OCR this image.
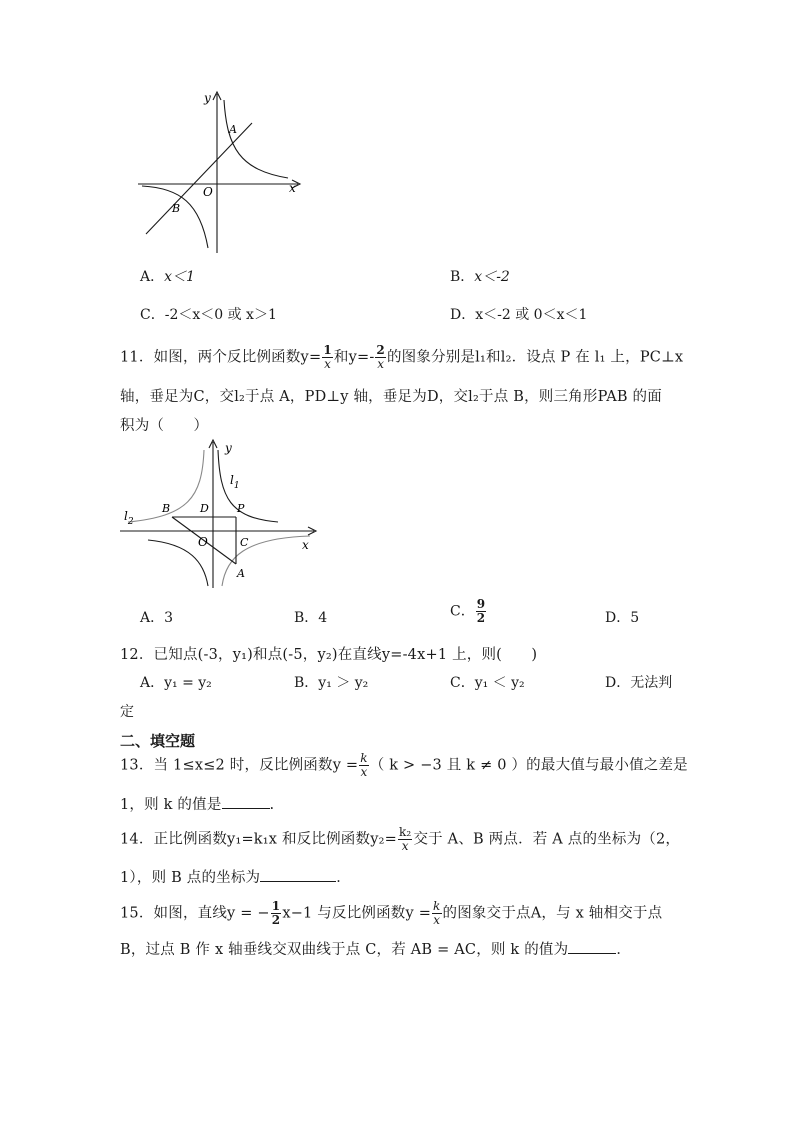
y
x
O
A
B
A．x＜1	B．x＜-2
C．-2＜x＜0 或 x＞1	D．x＜-2 或 0＜x＜1
11．如图，两个反比例函数$y= \frac{1}{x}$ 和$y=- \frac{2}{x}$ 的图象分别是l₁和l₂．设点 P 在 l₁ 上，PC⊥x
轴，垂足为C，交l₂于点 A，PD⊥y 轴，垂足为D，交l₂于点 B，则三角形PAB 的面
积为（　　）
y
x
O
$l_1$
$l_2$
B	D	P
C
A
A．3	B．4	C． $\frac{9}{2}$	D．5
12．已知点(-3，y₁)和点(-5，y₂)在直线y=-4x+1 上，则(　　)
A．y₁ = y₂	B．y₁ ＞ y₂	C．y₁ ＜ y₂	D．无法判
定
二、填空题
13．当 1≤x≤2 时，反比例函数$y = \frac{k}{x}$ （ k > −3 且 k ≠ 0 ）的最大值与最小值之差是
1，则 k 的值是	.
14．正比例函数y₁=k₁x 和反比例函数$y_2= \frac{\text{k₂}}{x}$ 交于 A、B 两点．若 A 点的坐标为（2，
1），则 B 点的坐标为	．
15．如图，直线y = − $\frac{1}{2} x-1$ 与反比例函数$y = \frac{k}{x}$ 的图象交于点A，与 x 轴相交于点
B，过点 B 作 x 轴垂线交双曲线于点 C，若 AB = AC，则 k 的值为	．
